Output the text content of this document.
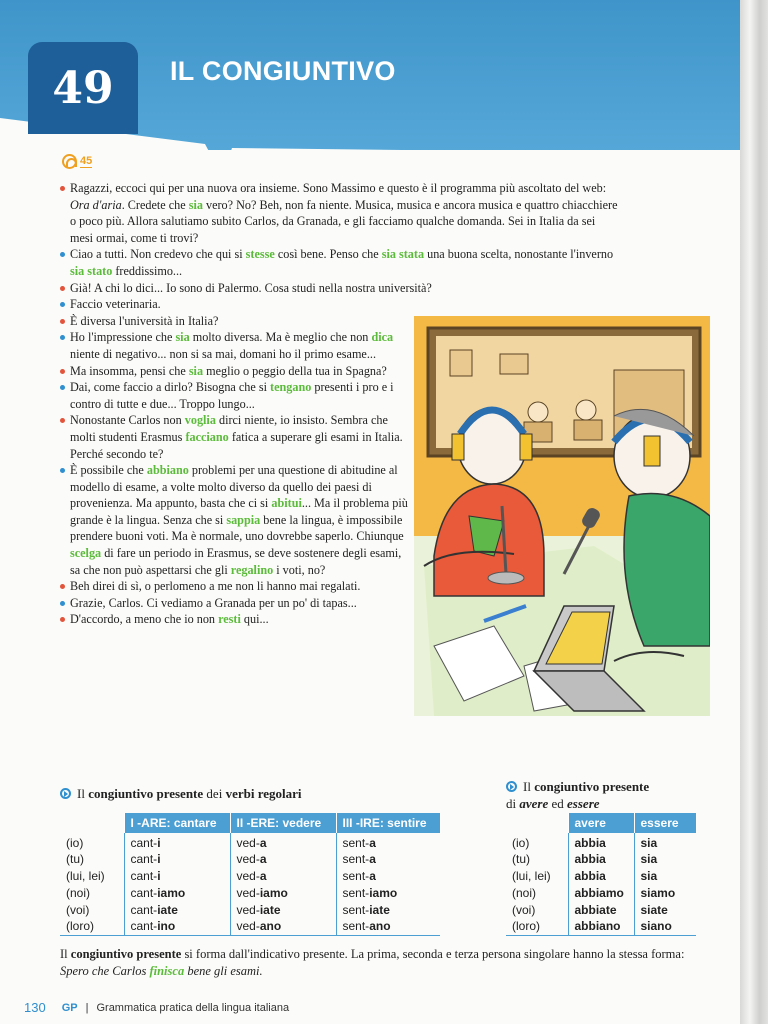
49 IL CONGIUNTIVO
45
Ragazzi, eccoci qui per una nuova ora insieme. Sono Massimo e questo è il programma più ascoltato del web: Ora d'aria. Credete che sia vero? No? Beh, non fa niente. Musica, musica e ancora musica e quattro chiacchiere o poco più. Allora salutiamo subito Carlos, da Granada, e gli facciamo qualche domanda. Sei in Italia da sei mesi ormai, come ti trovi?
Ciao a tutti. Non credevo che qui si stesse così bene. Penso che sia stata una buona scelta, nonostante l'inverno sia stato freddissimo...
Già! A chi lo dici... Io sono di Palermo. Cosa studi nella nostra università?
Faccio veterinaria.
È diversa l'università in Italia?
Ho l'impressione che sia molto diversa. Ma è meglio che non dica niente di negativo... non si sa mai, domani ho il primo esame...
Ma insomma, pensi che sia meglio o peggio della tua in Spagna?
Dai, come faccio a dirlo? Bisogna che si tengano presenti i pro e i contro di tutte e due... Troppo lungo...
Nonostante Carlos non voglia dirci niente, io insisto. Sembra che molti studenti Erasmus facciano fatica a superare gli esami in Italia. Perché secondo te?
È possibile che abbiano problemi per una questione di abitudine al modello di esame, a volte molto diverso da quello dei paesi di provenienza. Ma appunto, basta che ci si abitui... Ma il problema più grande è la lingua. Senza che si sappia bene la lingua, è impossibile prendere buoni voti. Ma è normale, uno dovrebbe saperlo. Chiunque scelga di fare un periodo in Erasmus, se deve sostenere degli esami, sa che non può aspettarsi che gli regalino i voti, no?
Beh direi di sì, o perlomeno a me non li hanno mai regalati.
Grazie, Carlos. Ci vediamo a Granada per un po' di tapas...
D'accordo, a meno che io non resti qui...
Il congiuntivo presente dei verbi regolari
	I -ARE: cantare	II -ERE: vedere	III -IRE: sentire
(io)	cant-i	ved-a	sent-a
(tu)	cant-i	ved-a	sent-a
(lui, lei)	cant-i	ved-a	sent-a
(noi)	cant-iamo	ved-iamo	sent-iamo
(voi)	cant-iate	ved-iate	sent-iate
(loro)	cant-ino	ved-ano	sent-ano
Il congiuntivo presente
di avere ed essere
	avere	essere
(io)	abbia	sia
(tu)	abbia	sia
(lui, lei)	abbia	sia
(noi)	abbiamo	siamo
(voi)	abbiate	siate
(loro)	abbiano	siano

Il congiuntivo presente si forma dall'indicativo presente. La prima, seconda e terza persona singolare hanno la stessa forma: Spero che Carlos finisca bene gli esami.

130 GP | Grammatica pratica della lingua italiana
